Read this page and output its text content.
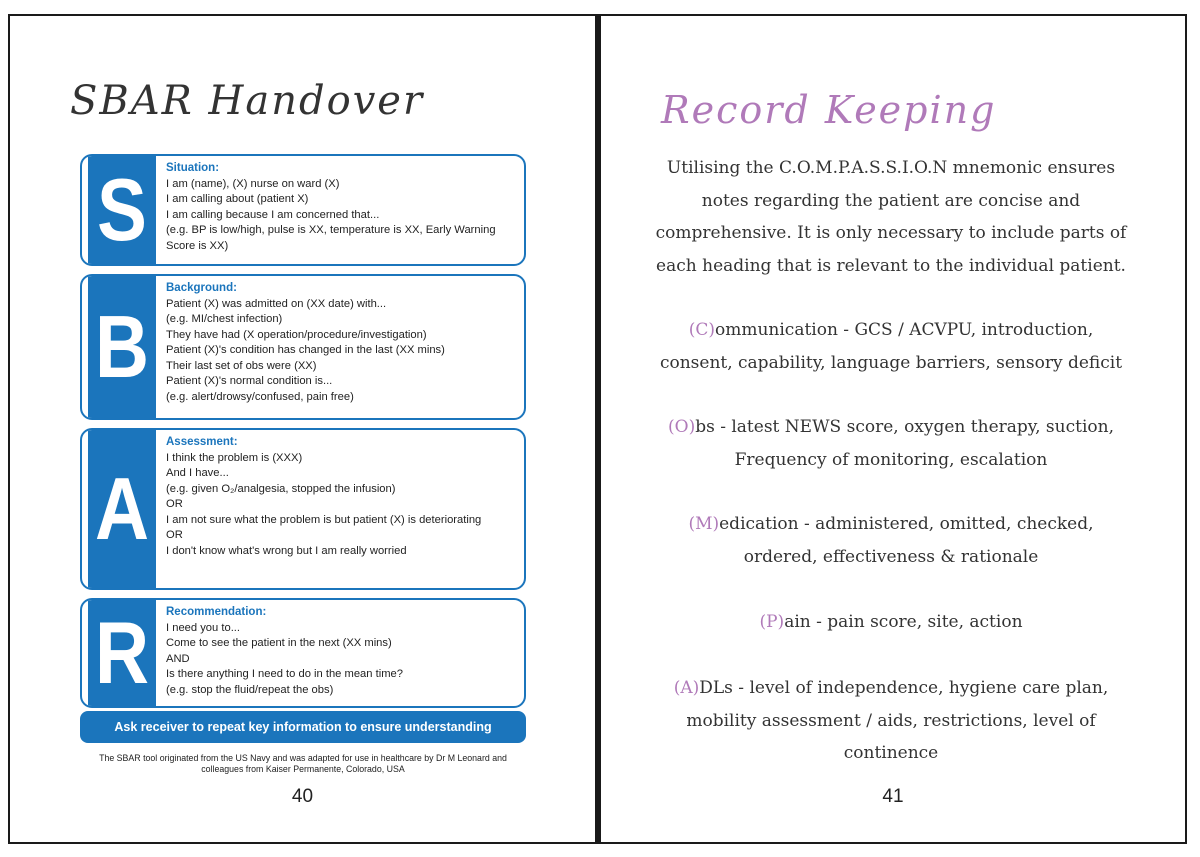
SBAR Handover
S	Situation:
I am (name), (X) nurse on ward (X)
I am calling about (patient X)
I am calling because I am concerned that...
(e.g. BP is low/high, pulse is XX, temperature is XX, Early Warning Score is XX)
B
Background:
Patient (X) was admitted on (XX date) with...
(e.g. MI/chest infection)
They have had (X operation/procedure/investigation)
Patient (X)'s condition has changed in the last (XX mins)
Their last set of obs were (XX)
Patient (X)'s normal condition is...
(e.g. alert/drowsy/confused, pain free)
A
Assessment:
I think the problem is (XXX)
And I have...
(e.g. given O₂/analgesia, stopped the infusion)
OR
I am not sure what the problem is but patient (X) is deteriorating
OR
I don't know what's wrong but I am really worried
R	Recommendation:
I need you to...
Come to see the patient in the next (XX mins)
AND
Is there anything I need to do in the mean time?
(e.g. stop the fluid/repeat the obs)
Ask receiver to repeat key information to ensure understanding
The SBAR tool originated from the US Navy and was adapted for use in healthcare by Dr M Leonard and colleagues from Kaiser Permanente, Colorado, USA
40
Record Keeping
Utilising the C.O.M.P.A.S.S.I.O.N mnemonic ensures notes regarding the patient are concise and comprehensive. It is only necessary to include parts of each heading that is relevant to the individual patient.
(C)ommunication - GCS / ACVPU, introduction, consent, capability, language barriers, sensory deficit
(O)bs - latest NEWS score, oxygen therapy, suction, Frequency of monitoring, escalation
(M)edication - administered, omitted, checked, ordered, effectiveness & rationale
(P)ain - pain score, site, action
(A)DLs - level of independence, hygiene care plan, mobility assessment / aids, restrictions, level of continence
41
